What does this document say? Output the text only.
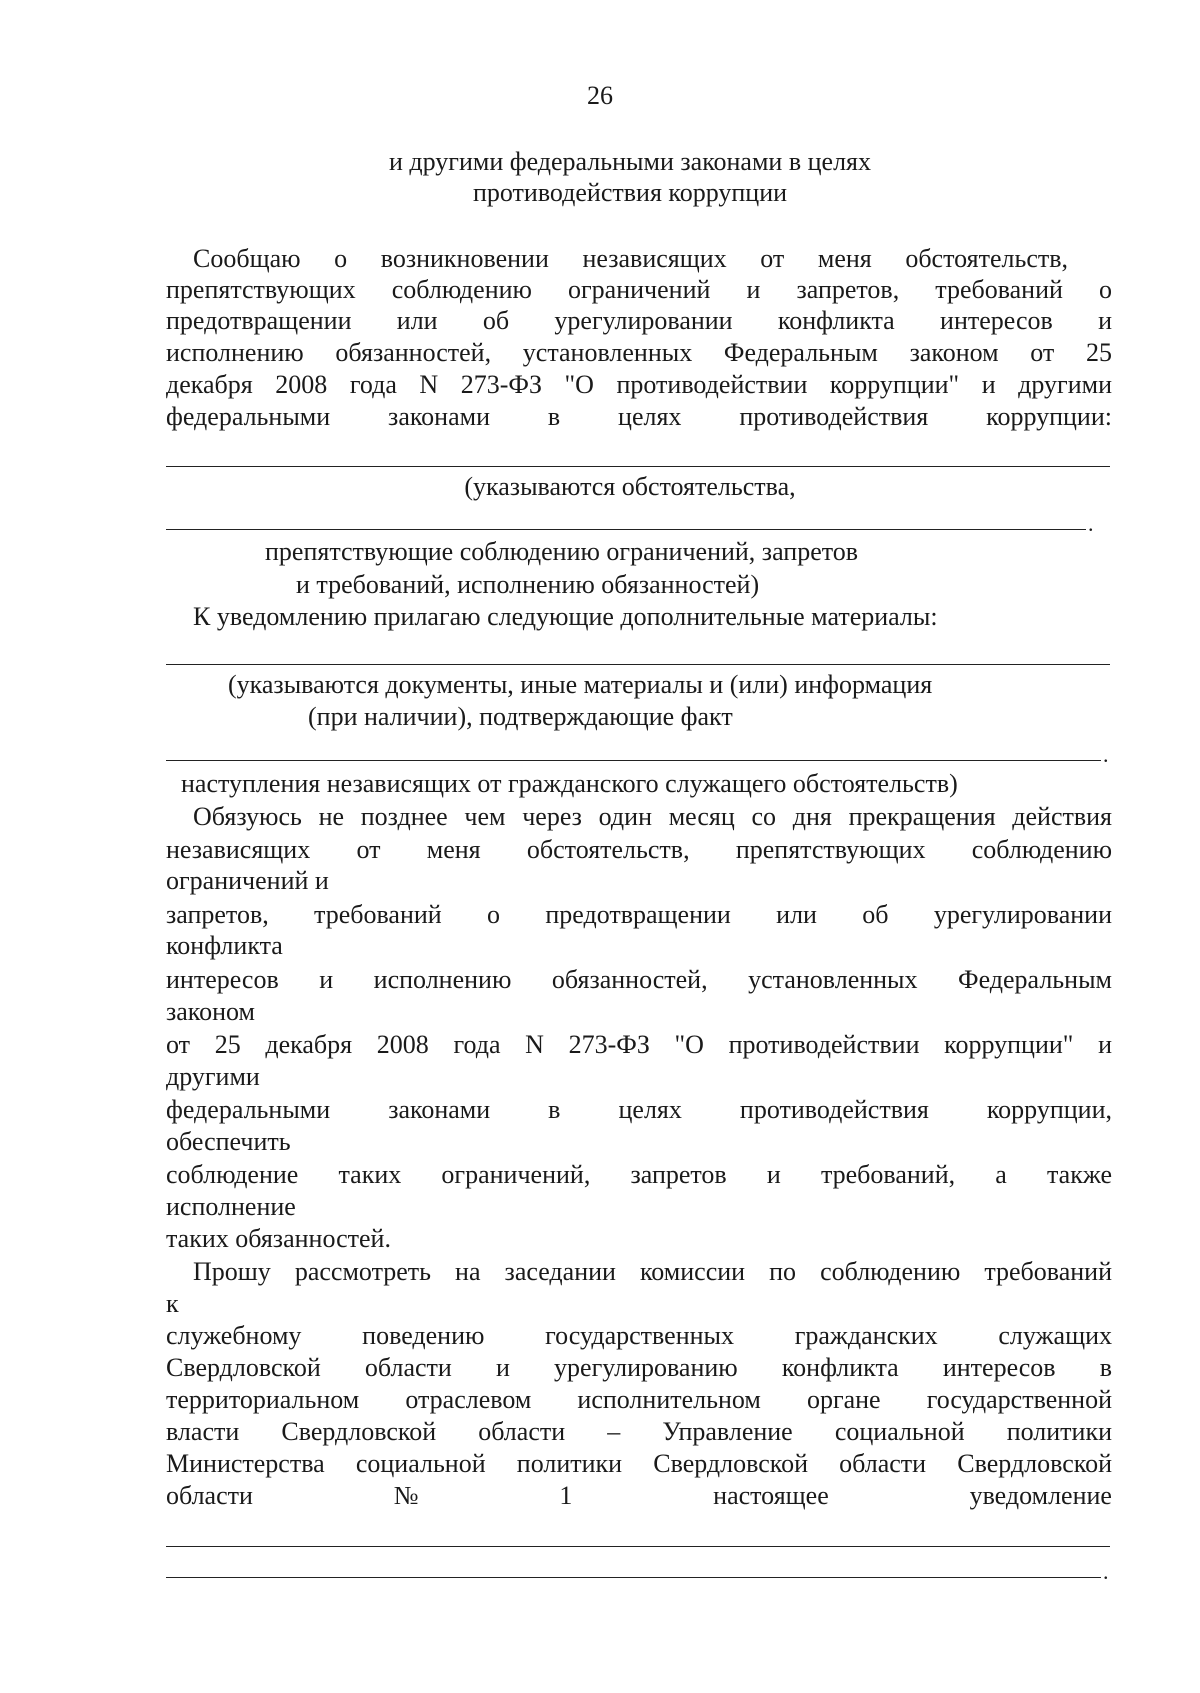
26
и другими федеральными законами в целях
противодействия коррупции
Сообщаю о возникновении независящих от меня обстоятельств,
препятствующих соблюдению ограничений и запретов, требований о
предотвращении или об урегулировании конфликта интересов и
исполнению обязанностей, установленных Федеральным законом от 25
декабря 2008 года N 273-ФЗ "О противодействии коррупции" и другими
федеральными законами в целях противодействия коррупции:
(указываются обстоятельства,
.
препятствующие соблюдению ограничений, запретов
и требований, исполнению обязанностей)
К уведомлению прилагаю следующие дополнительные материалы:
(указываются документы, иные материалы и (или) информация
(при наличии), подтверждающие факт
.
наступления независящих от гражданского служащего обстоятельств)
Обязуюсь не позднее чем через один месяц со дня прекращения действия
независящих от меня обстоятельств, препятствующих соблюдению
ограничений и
запретов, требований о предотвращении или об урегулировании
конфликта
интересов и исполнению обязанностей, установленных Федеральным
законом
от 25 декабря 2008 года N 273-ФЗ "О противодействии коррупции" и
другими
федеральными законами в целях противодействия коррупции,
обеспечить
соблюдение таких ограничений, запретов и требований, а также
исполнение
таких обязанностей.
Прошу рассмотреть на заседании комиссии по соблюдению требований
к
служебному поведению государственных гражданских служащих
Свердловской области и урегулированию конфликта интересов в
территориальном отраслевом исполнительном органе государственной
власти Свердловской области – Управление социальной политики
Министерства социальной политики Свердловской области Свердловской
области	№	1	настоящее	уведомление
.
